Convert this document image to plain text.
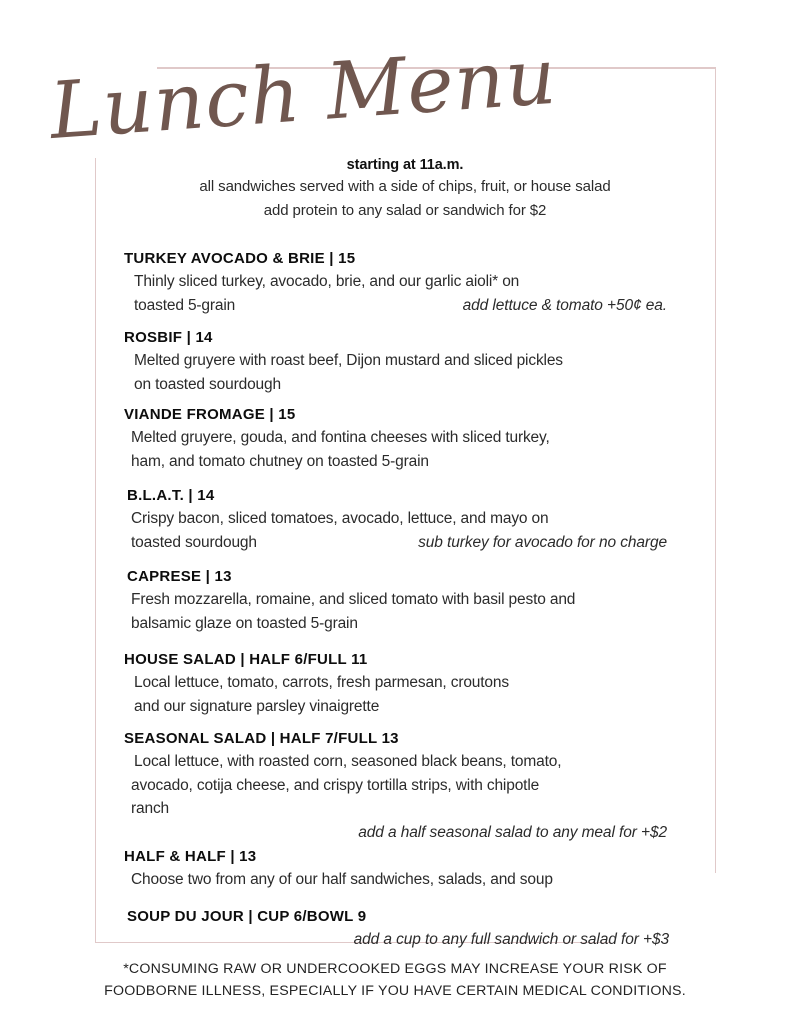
Lunch Menu
starting at 11a.m.
all sandwiches served with a side of chips, fruit, or house salad
add protein to any salad or sandwich for $2
TURKEY AVOCADO & BRIE | 15
Thinly sliced turkey, avocado, brie, and our garlic aioli* on
toasted 5-grain	add lettuce & tomato +50¢ ea.
ROSBIF | 14
Melted gruyere with roast beef, Dijon mustard and sliced pickles
on toasted sourdough
VIANDE FROMAGE | 15
Melted gruyere, gouda, and fontina cheeses with sliced turkey,
ham, and tomato chutney on toasted 5-grain
B.L.A.T. | 14
Crispy bacon, sliced tomatoes, avocado, lettuce, and mayo on
toasted sourdough	sub turkey for avocado for no charge
CAPRESE | 13
Fresh mozzarella, romaine, and sliced tomato with basil pesto and
balsamic glaze on toasted 5-grain
HOUSE SALAD | HALF 6/FULL 11
Local lettuce, tomato, carrots, fresh parmesan, croutons
and our signature parsley vinaigrette
SEASONAL SALAD | HALF 7/FULL 13
Local lettuce, with roasted corn, seasoned black beans, tomato,
avocado, cotija cheese, and crispy tortilla strips, with chipotle
ranch
add a half seasonal salad to any meal for +$2
HALF & HALF | 13
Choose two from any of our half sandwiches, salads, and soup
SOUP DU JOUR | CUP 6/BOWL 9
add a cup to any full sandwich or salad for +$3
*CONSUMING RAW OR UNDERCOOKED EGGS MAY INCREASE YOUR RISK OF
FOODBORNE ILLNESS, ESPECIALLY IF YOU HAVE CERTAIN MEDICAL CONDITIONS.
